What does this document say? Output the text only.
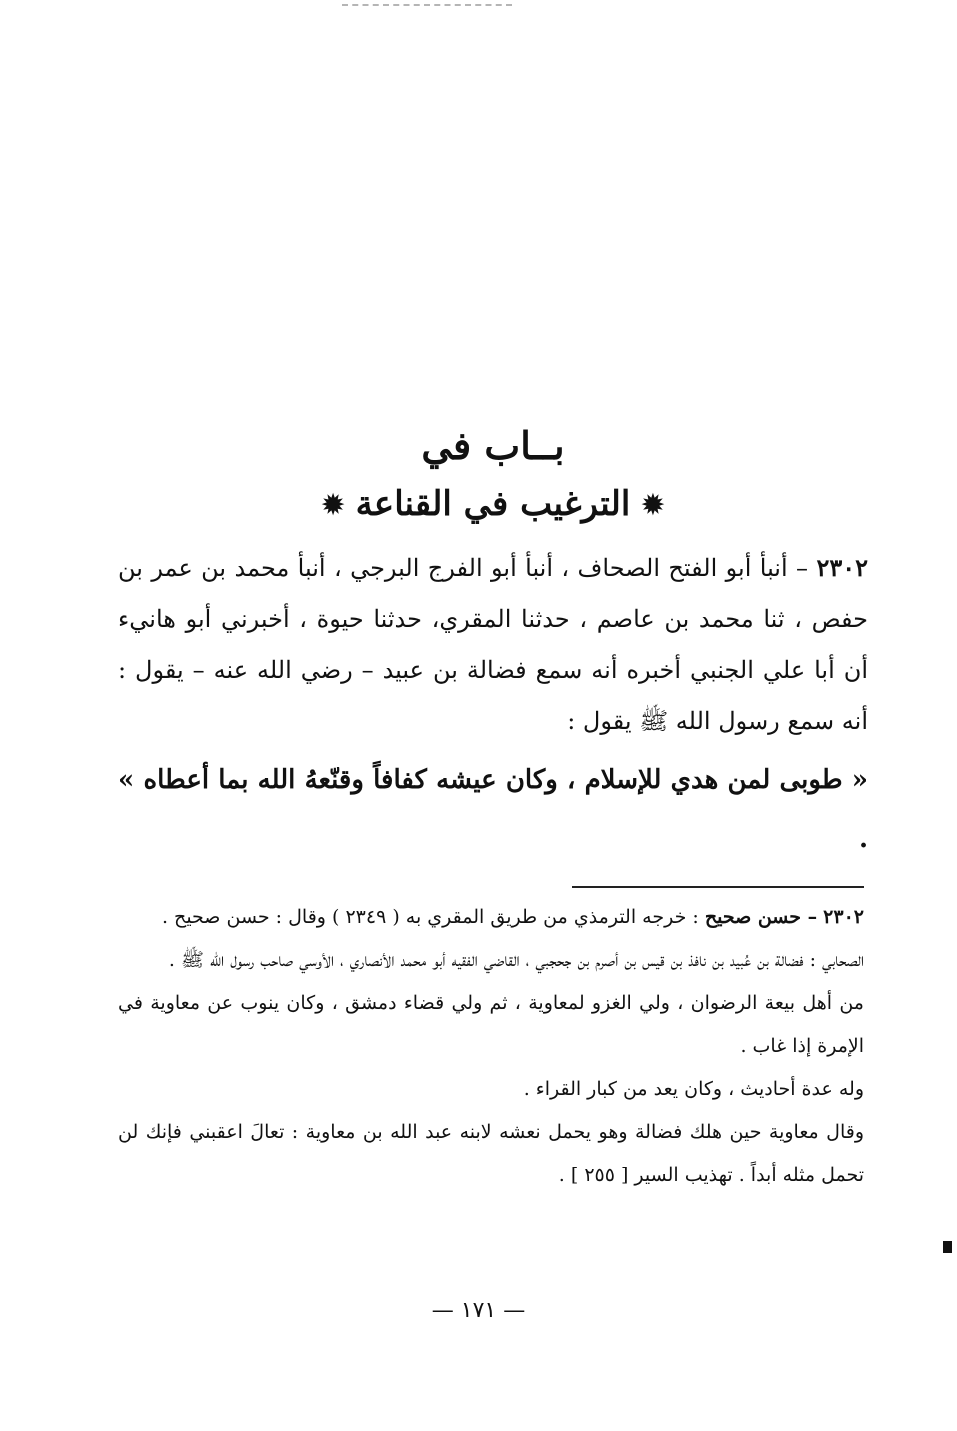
بــاب في
✹الترغيب في القناعة✹

٢٣٠٢ – أنبأ أبو الفتح الصحاف ، أنبأ أبو الفرج البرجي ، أنبأ محمد بن عمر بن حفص ، ثنا محمد بن عاصم ، حدثنا المقري، حدثنا حيوة ، أخبرني أبو هانيء أن أبا علي الجنبي أخبره أنه سمع فضالة بن عبيد – رضي الله عنه – يقول : أنه سمع رسول الله ﷺ يقول :

« طوبى لمن هدي للإسلام ، وكان عيشه كفافاً وقنّعهُ الله بما أعطاه » .

٢٣٠٢ – حسن صحيح : خرجه الترمذي من طريق المقري به ( ٢٣٤٩ ) وقال : حسن صحيح .

الصحابي : فضالة بن عُبيد بن نافذ بن قيس بن أصرم بن جحجبي ، القاضي الفقيه أبو محمد الأنصاري ، الأوسي صاحب رسول الله ﷺ .

من أهل بيعة الرضوان ، ولي الغزو لمعاوية ، ثم ولي قضاء دمشق ، وكان ينوب عن معاوية في الإمرة إذا غاب .

وله عدة أحاديث ، وكان يعد من كبار القراء .

وقال معاوية حين هلك فضالة وهو يحمل نعشه لابنه عبد الله بن معاوية : تعالَ اعقبني فإنك لن تحمل مثله أبداً . تهذيب السير [ ٢٥٥ ] .

— ١٧١ —
